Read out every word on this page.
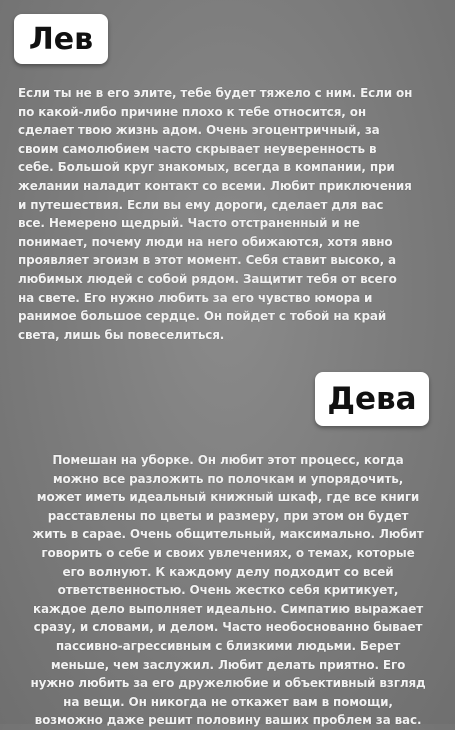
Лев
Если ты не в его элите, тебе будет тяжело с ним. Если он
по какой-либо причине плохо к тебе относится, он
сделает твою жизнь адом. Очень эгоцентричный, за
своим самолюбием часто скрывает неуверенность в
себе. Большой круг знакомых, всегда в компании, при
желании наладит контакт со всеми. Любит приключения
и путешествия. Если вы ему дороги, сделает для вас
все. Немерено щедрый. Часто отстраненный и не
понимает, почему люди на него обижаются, хотя явно
проявляет эгоизм в этот момент. Себя ставит высоко, а
любимых людей с собой рядом. Защитит тебя от всего
на свете. Его нужно любить за его чувство юмора и
ранимое большое сердце. Он пойдет с тобой на край
света, лишь бы повеселиться.
Дева
Помешан на уборке. Он любит этот процесс, когда
можно все разложить по полочкам и упорядочить,
может иметь идеальный книжный шкаф, где все книги
расставлены по цветы и размеру, при этом он будет
жить в сарае. Очень общительный, максимально. Любит
говорить о себе и своих увлечениях, о темах, которые
его волнуют. К каждому делу подходит со всей
ответственностью. Очень жестко себя критикует,
каждое дело выполняет идеально. Симпатию выражает
сразу, и словами, и делом. Часто необоснованно бывает
пассивно-агрессивным с близкими людьми. Берет
меньше, чем заслужил. Любит делать приятно. Его
нужно любить за его дружелюбие и объективный взгляд
на вещи. Он никогда не откажет вам в помощи,
возможно даже решит половину ваших проблем за вас.
